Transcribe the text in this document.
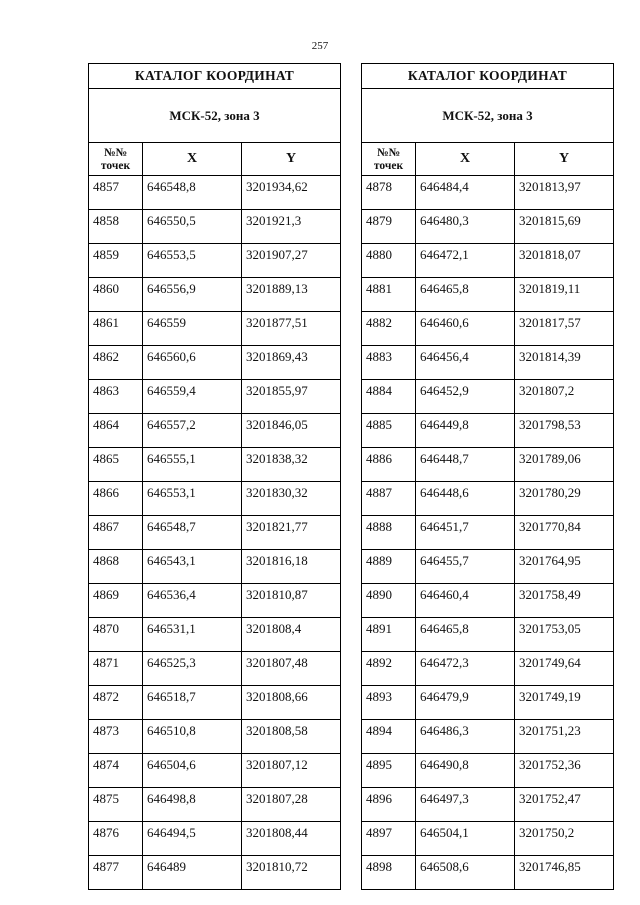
257
КАТАЛОГ КООРДИНАТ		
МСК-52, зона 3		
№№ точек	X	Y
4857	646548,8	3201934,62
4858	646550,5	3201921,3
4859	646553,5	3201907,27
4860	646556,9	3201889,13
4861	646559	3201877,51
4862	646560,6	3201869,43
4863	646559,4	3201855,97
4864	646557,2	3201846,05
4865	646555,1	3201838,32
4866	646553,1	3201830,32
4867	646548,7	3201821,77
4868	646543,1	3201816,18
4869	646536,4	3201810,87
4870	646531,1	3201808,4
4871	646525,3	3201807,48
4872	646518,7	3201808,66
4873	646510,8	3201808,58
4874	646504,6	3201807,12
4875	646498,8	3201807,28
4876	646494,5	3201808,44
4877	646489	3201810,72
КАТАЛОГ КООРДИНАТ		
МСК-52, зона 3		
№№ точек	X	Y
4878	646484,4	3201813,97
4879	646480,3	3201815,69
4880	646472,1	3201818,07
4881	646465,8	3201819,11
4882	646460,6	3201817,57
4883	646456,4	3201814,39
4884	646452,9	3201807,2
4885	646449,8	3201798,53
4886	646448,7	3201789,06
4887	646448,6	3201780,29
4888	646451,7	3201770,84
4889	646455,7	3201764,95
4890	646460,4	3201758,49
4891	646465,8	3201753,05
4892	646472,3	3201749,64
4893	646479,9	3201749,19
4894	646486,3	3201751,23
4895	646490,8	3201752,36
4896	646497,3	3201752,47
4897	646504,1	3201750,2
4898	646508,6	3201746,85
